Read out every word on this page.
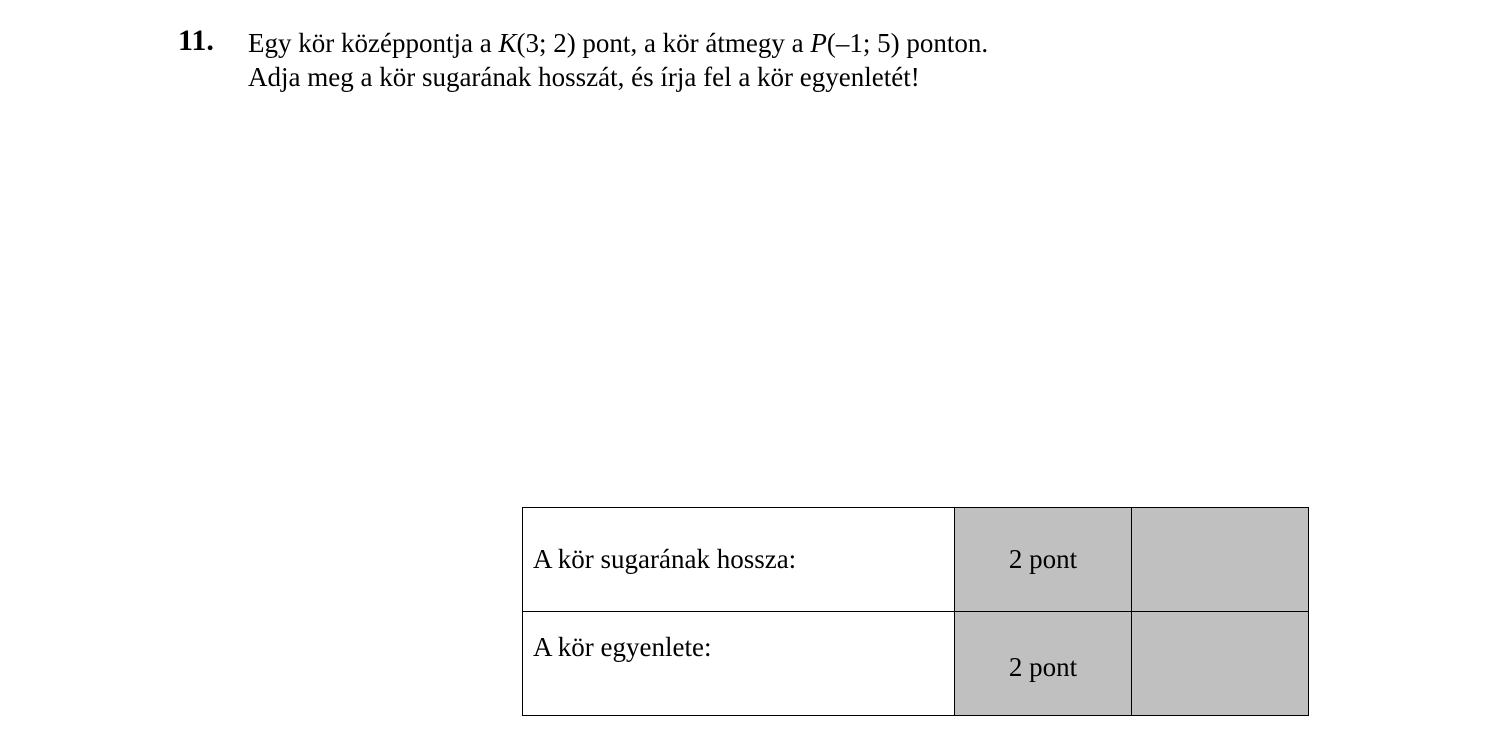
11. Egy kör középpontja a K(3; 2) pont, a kör átmegy a P(–1; 5) ponton.
Adja meg a kör sugarának hosszát, és írja fel a kör egyenletét!
A kör sugarának hossza:	2 pont	
A kör egyenlete:	2 pont	
